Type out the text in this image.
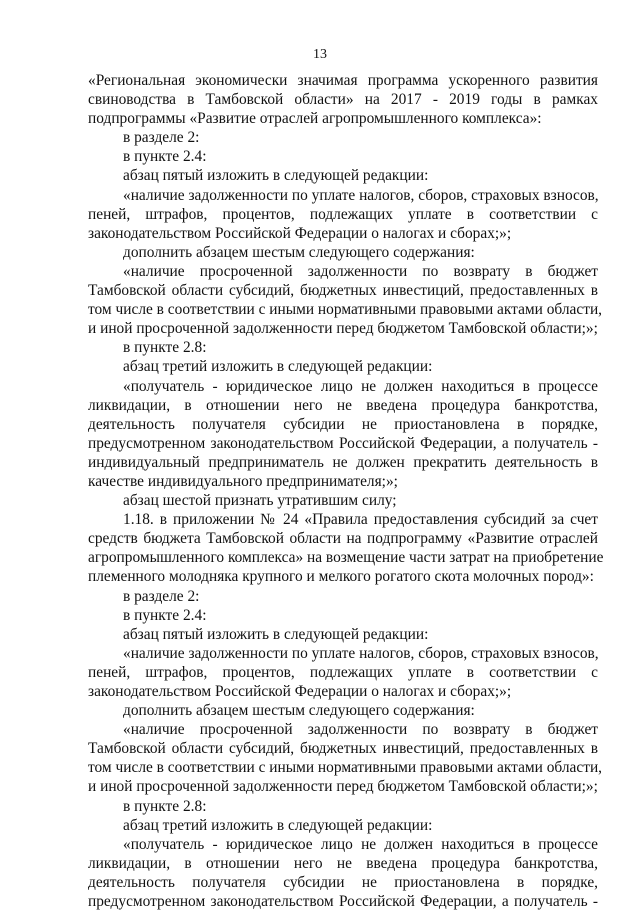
13
«Региональная экономически значимая программа ускоренного развития
свиноводства в Тамбовской области» на 2017 - 2019 годы в рамках
подпрограммы «Развитие отраслей агропромышленного комплекса»:
в разделе 2:
в пункте 2.4:
абзац пятый изложить в следующей редакции:
«наличие задолженности по уплате налогов, сборов, страховых взносов,
пеней, штрафов, процентов, подлежащих уплате в соответствии с
законодательством Российской Федерации о налогах и сборах;»;
дополнить абзацем шестым следующего содержания:
«наличие просроченной задолженности по возврату в бюджет
Тамбовской области субсидий, бюджетных инвестиций, предоставленных в
том числе в соответствии с иными нормативными правовыми актами области,
и иной просроченной задолженности перед бюджетом Тамбовской области;»;
в пункте 2.8:
абзац третий изложить в следующей редакции:
«получатель - юридическое лицо не должен находиться в процессе
ликвидации, в отношении него не введена процедура банкротства,
деятельность получателя субсидии не приостановлена в порядке,
предусмотренном законодательством Российской Федерации, а получатель -
индивидуальный предприниматель не должен прекратить деятельность в
качестве индивидуального предпринимателя;»;
абзац шестой признать утратившим силу;
1.18. в приложении № 24 «Правила предоставления субсидий за счет
средств бюджета Тамбовской области на подпрограмму «Развитие отраслей
агропромышленного комплекса» на возмещение части затрат на приобретение
племенного молодняка крупного и мелкого рогатого скота молочных пород»:
в разделе 2:
в пункте 2.4:
абзац пятый изложить в следующей редакции:
«наличие задолженности по уплате налогов, сборов, страховых взносов,
пеней, штрафов, процентов, подлежащих уплате в соответствии с
законодательством Российской Федерации о налогах и сборах;»;
дополнить абзацем шестым следующего содержания:
«наличие просроченной задолженности по возврату в бюджет
Тамбовской области субсидий, бюджетных инвестиций, предоставленных в
том числе в соответствии с иными нормативными правовыми актами области,
и иной просроченной задолженности перед бюджетом Тамбовской области;»;
в пункте 2.8:
абзац третий изложить в следующей редакции:
«получатель - юридическое лицо не должен находиться в процессе
ликвидации, в отношении него не введена процедура банкротства,
деятельность получателя субсидии не приостановлена в порядке,
предусмотренном законодательством Российской Федерации, а получатель -
